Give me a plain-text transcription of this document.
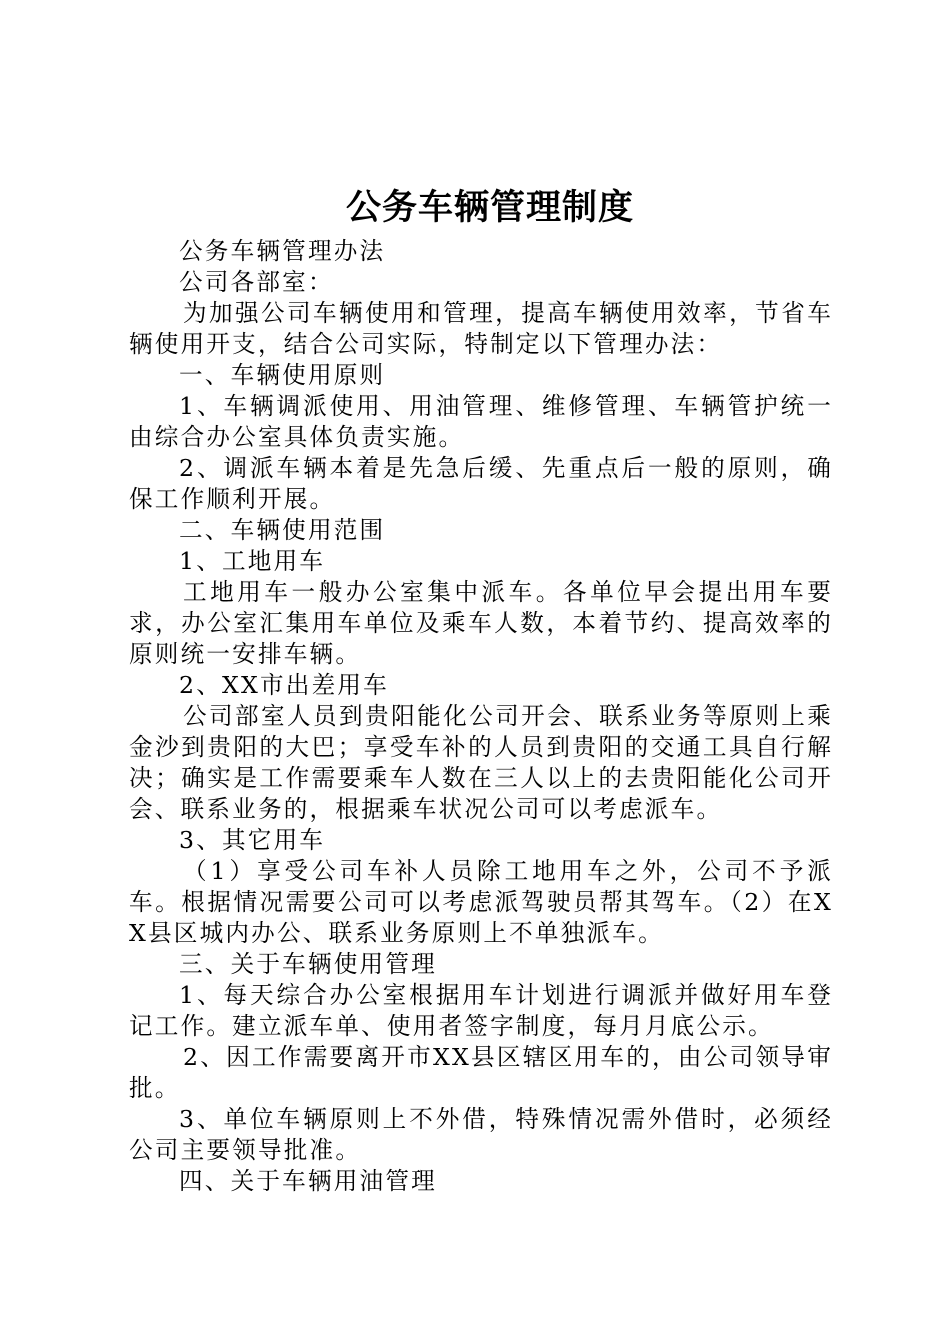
公务车辆管理制度

公务车辆管理办法

公司各部室：

为加强公司车辆使用和管理，提高车辆使用效率，节省车辆使用开支，结合公司实际，特制定以下管理办法：

一、车辆使用原则

1、车辆调派使用、用油管理、维修管理、车辆管护统一由综合办公室具体负责实施。

2、调派车辆本着是先急后缓、先重点后一般的原则，确保工作顺利开展。

二、车辆使用范围

1、工地用车

工地用车一般办公室集中派车。各单位早会提出用车要求，办公室汇集用车单位及乘车人数，本着节约、提高效率的原则统一安排车辆。

2、XX市出差用车

公司部室人员到贵阳能化公司开会、联系业务等原则上乘金沙到贵阳的大巴；享受车补的人员到贵阳的交通工具自行解决；确实是工作需要乘车人数在三人以上的去贵阳能化公司开会、联系业务的，根据乘车状况公司可以考虑派车。

3、其它用车

（1）享受公司车补人员除工地用车之外，公司不予派车。根据情况需要公司可以考虑派驾驶员帮其驾车。（2）在XX县区城内办公、联系业务原则上不单独派车。

三、关于车辆使用管理

1、每天综合办公室根据用车计划进行调派并做好用车登记工作。建立派车单、使用者签字制度，每月月底公示。

2、因工作需要离开市XX县区辖区用车的，由公司领导审批。

3、单位车辆原则上不外借，特殊情况需外借时，必须经公司主要领导批准。

四、关于车辆用油管理
